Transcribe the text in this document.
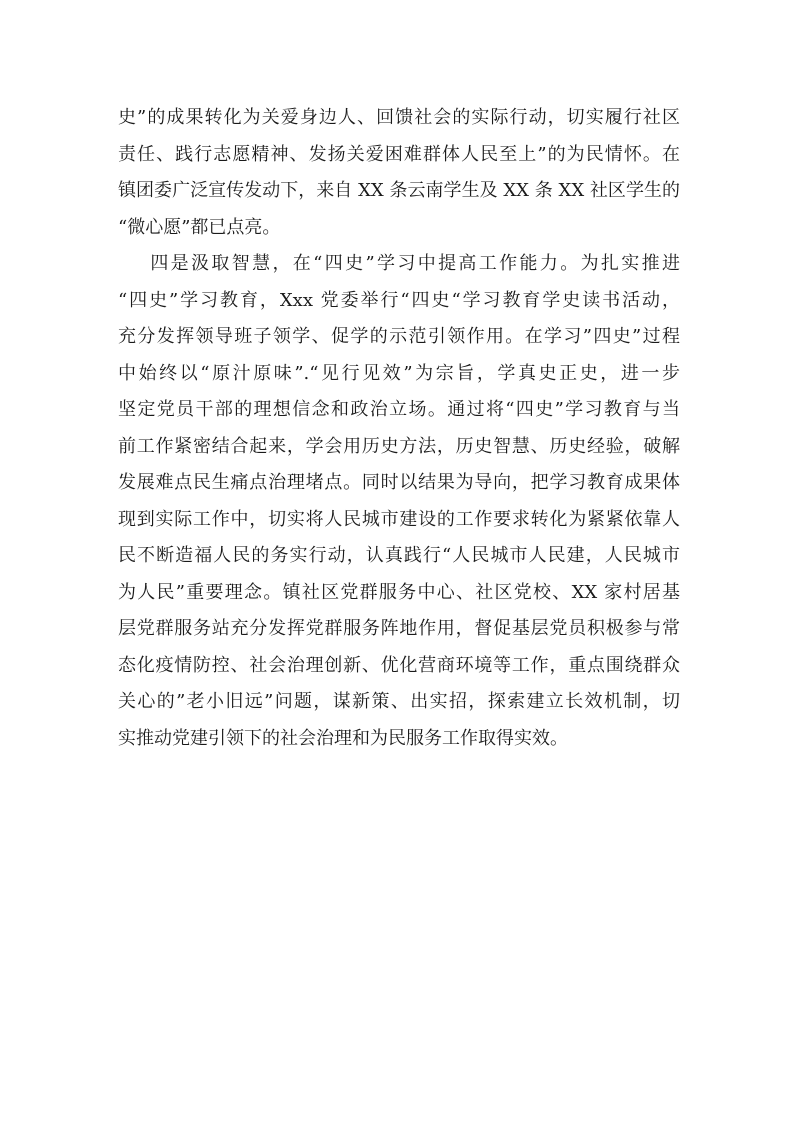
史”的成果转化为关爱身边人、回馈社会的实际行动，切实履行社区
责任、践行志愿精神、发扬关爱困难群体人民至上”的为民情怀。在
镇团委广泛宣传发动下，来自 XX 条云南学生及 XX 条 XX 社区学生的
“微心愿”都已点亮。

四是汲取智慧，在“四史”学习中提高工作能力。为扎实推进
“四史”学习教育，Xxx 党委举行“四史“学习教育学史读书活动，
充分发挥领导班子领学、促学的示范引领作用。在学习”四史”过程
中始终以“原汁原味”.“见行见效”为宗旨，学真史正史，进一步
坚定党员干部的理想信念和政治立场。通过将“四史”学习教育与当
前工作紧密结合起来，学会用历史方法，历史智慧、历史经验，破解
发展难点民生痛点治理堵点。同时以结果为导向，把学习教育成果体
现到实际工作中，切实将人民城市建设的工作要求转化为紧紧依靠人
民不断造福人民的务实行动，认真践行“人民城市人民建，人民城市
为人民”重要理念。镇社区党群服务中心、社区党校、XX 家村居基
层党群服务站充分发挥党群服务阵地作用，督促基层党员积极参与常
态化疫情防控、社会治理创新、优化营商环境等工作，重点围绕群众
关心的”老小旧远”问题，谋新策、出实招，探索建立长效机制，切
实推动党建引领下的社会治理和为民服务工作取得实效。
